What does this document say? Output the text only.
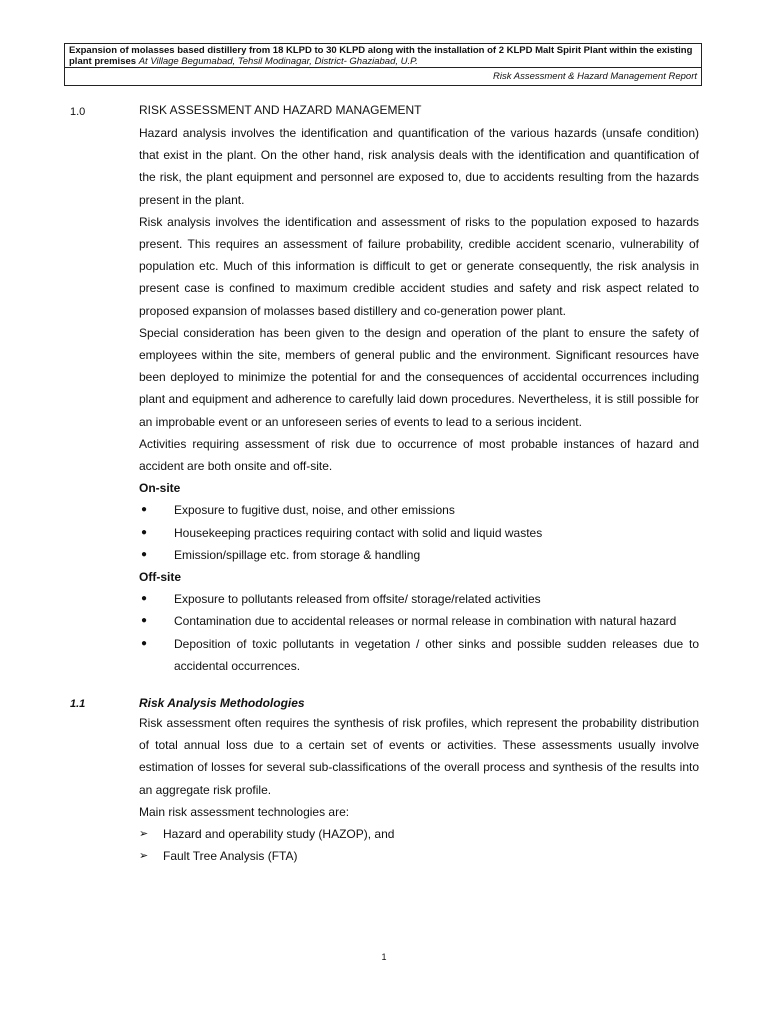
Expansion of molasses based distillery from 18 KLPD to 30 KLPD along with the installation of 2 KLPD Malt Spirit Plant within the existing plant premises At Village Begumabad, Tehsil Modinagar, District- Ghaziabad, U.P.
Risk Assessment & Hazard Management Report
1.0	RISK ASSESSMENT AND HAZARD MANAGEMENT

Hazard analysis involves the identification and quantification of the various hazards (unsafe condition) that exist in the plant. On the other hand, risk analysis deals with the identification and quantification of the risk, the plant equipment and personnel are exposed to, due to accidents resulting from the hazards present in the plant.

Risk analysis involves the identification and assessment of risks to the population exposed to hazards present. This requires an assessment of failure probability, credible accident scenario, vulnerability of population etc. Much of this information is difficult to get or generate consequently, the risk analysis in present case is confined to maximum credible accident studies and safety and risk aspect related to proposed expansion of molasses based distillery and co-generation power plant.

Special consideration has been given to the design and operation of the plant to ensure the safety of employees within the site, members of general public and the environment. Significant resources have been deployed to minimize the potential for and the consequences of accidental occurrences including plant and equipment and adherence to carefully laid down procedures. Nevertheless, it is still possible for an improbable event or an unforeseen series of events to lead to a serious incident.

Activities requiring assessment of risk due to occurrence of most probable instances of hazard and accident are both onsite and off-site.

On-site
● Exposure to fugitive dust, noise, and other emissions
● Housekeeping practices requiring contact with solid and liquid wastes
● Emission/spillage etc. from storage & handling
Off-site
● Exposure to pollutants released from offsite/ storage/related activities
● Contamination due to accidental releases or normal release in combination with natural hazard
● Deposition of toxic pollutants in vegetation / other sinks and possible sudden releases due to accidental occurrences.
1.1	Risk Analysis Methodologies

Risk assessment often requires the synthesis of risk profiles, which represent the probability distribution of total annual loss due to a certain set of events or activities. These assessments usually involve estimation of losses for several sub-classifications of the overall process and synthesis of the results into an aggregate risk profile.

Main risk assessment technologies are:

➢ Hazard and operability study (HAZOP), and
➢ Fault Tree Analysis (FTA)
1
